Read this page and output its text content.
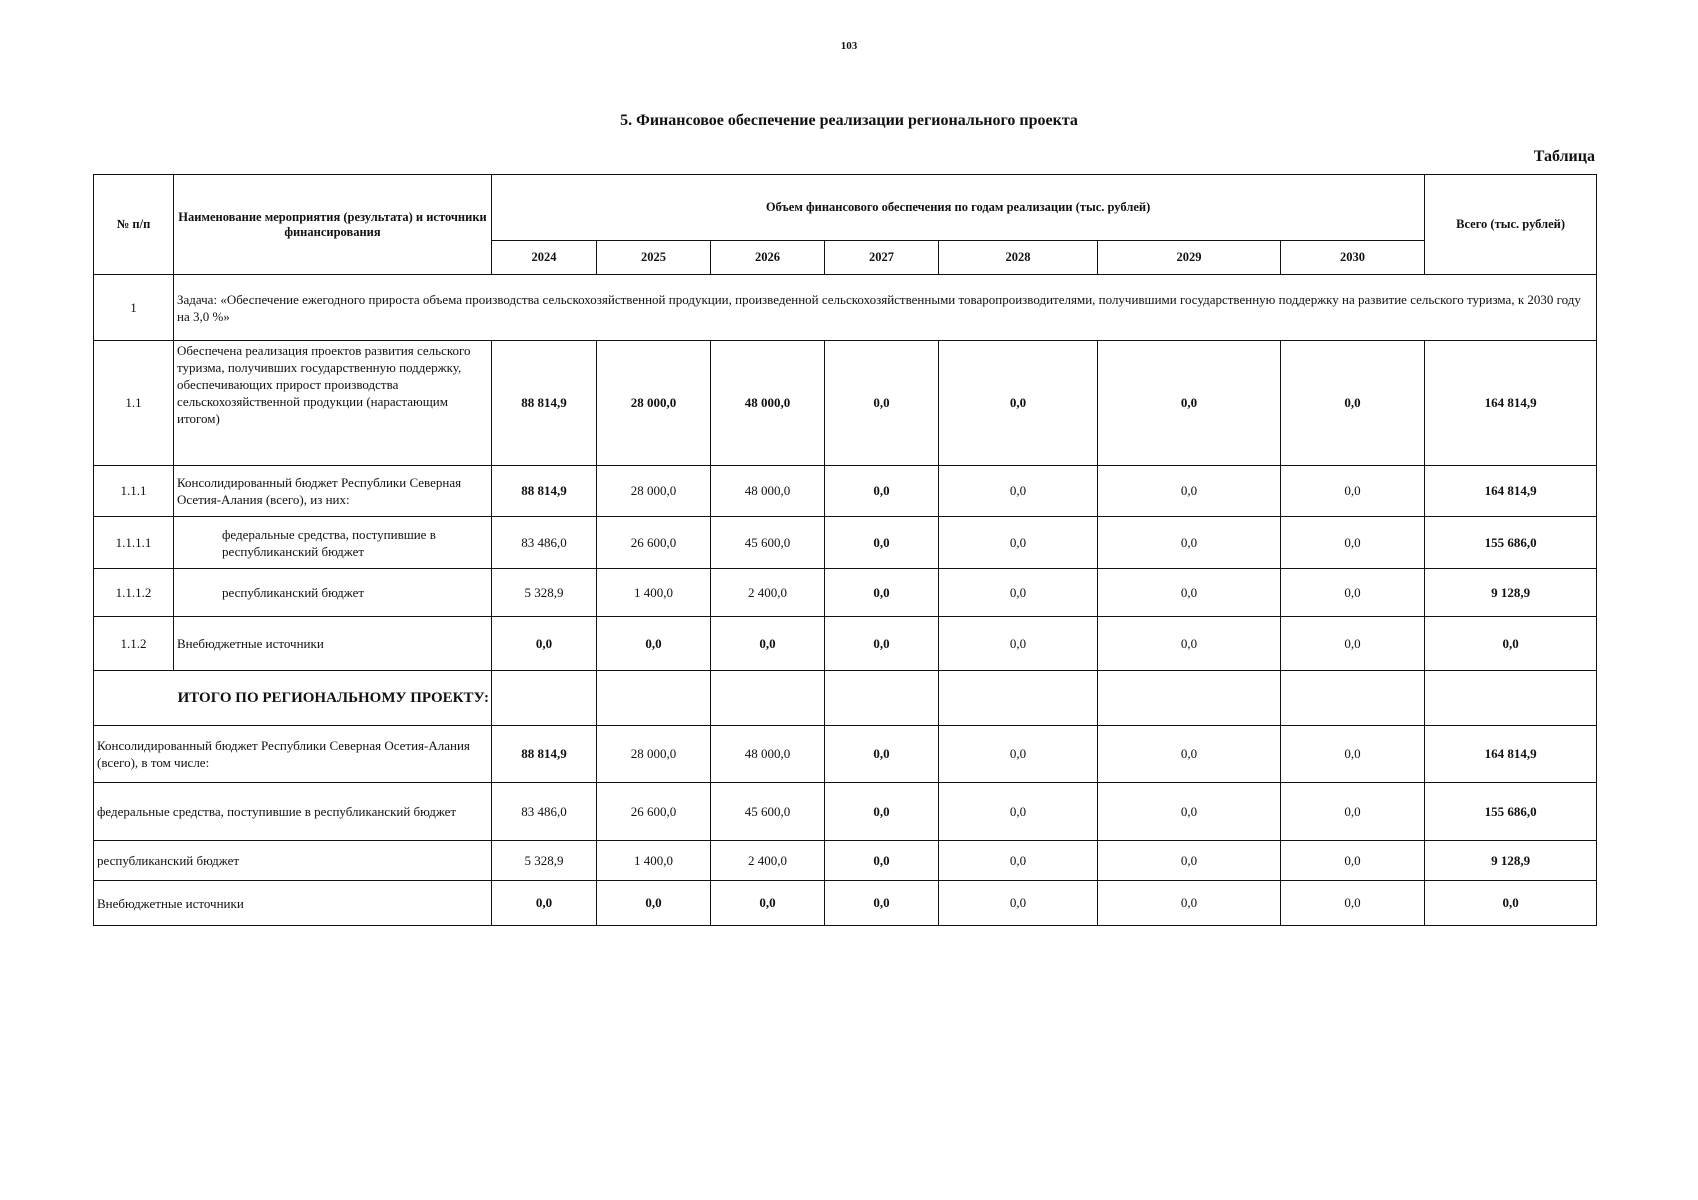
103
5. Финансовое обеспечение реализации регионального проекта
Таблица
№ п/п	Наименование мероприятия (результата) и источники финансирования	Объем финансового обеспечения по годам реализации (тыс. рублей)							Всего (тыс. рублей)
		2024	2025	2026	2027	2028	2029	2030	
1	Задача: «Обеспечение ежегодного прироста объема производства сельскохозяйственной продукции, произведенной сельскохозяйственными товаропроизводителями, получившими государственную поддержку на развитие сельского туризма, к 2030 году на 3,0 %»								
1.1	Обеспечена реализация проектов развития сельского туризма, получивших государственную поддержку, обеспечивающих прирост производства сельскохозяйственной продукции (нарастающим итогом)	88 814,9	28 000,0	48 000,0	0,0	0,0	0,0	0,0	164 814,9
1.1.1	Консолидированный бюджет Республики Северная Осетия-Алания (всего), из них:	88 814,9	28 000,0	48 000,0	0,0	0,0	0,0	0,0	164 814,9
1.1.1.1	федеральные средства, поступившие в республиканский бюджет	83 486,0	26 600,0	45 600,0	0,0	0,0	0,0	0,0	155 686,0
1.1.1.2	республиканский бюджет	5 328,9	1 400,0	2 400,0	0,0	0,0	0,0	0,0	9 128,9
1.1.2	Внебюджетные источники	0,0	0,0	0,0	0,0	0,0	0,0	0,0	0,0
ИТОГО ПО РЕГИОНАЛЬНОМУ ПРОЕКТУ:									
Консолидированный бюджет Республики Северная Осетия-Алания (всего), в том числе:		88 814,9	28 000,0	48 000,0	0,0	0,0	0,0	0,0	164 814,9
федеральные средства, поступившие в республиканский бюджет		83 486,0	26 600,0	45 600,0	0,0	0,0	0,0	0,0	155 686,0
республиканский бюджет		5 328,9	1 400,0	2 400,0	0,0	0,0	0,0	0,0	9 128,9
Внебюджетные источники		0,0	0,0	0,0	0,0	0,0	0,0	0,0	0,0
